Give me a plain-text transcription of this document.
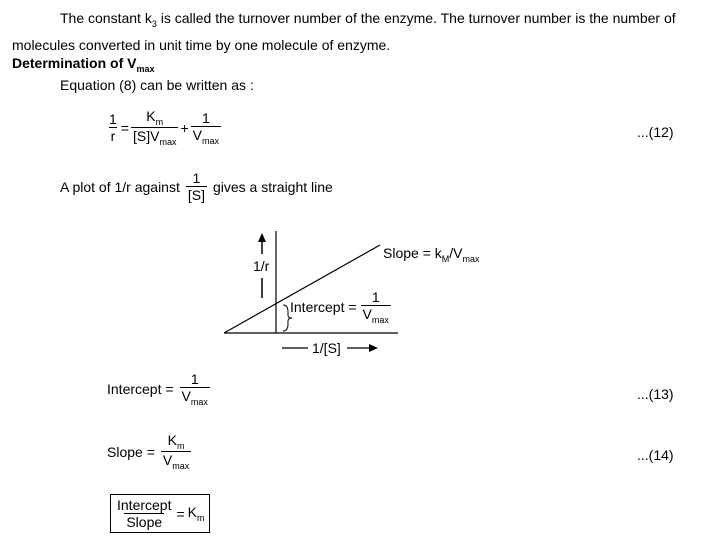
The constant $k_3$ is called the turnover number of the enzyme. The turnover number is the number of molecules converted in unit time by one molecule of enzyme.
Determination of $V_{max}$
Equation (8) can be written as :
$\frac{1}{r} = \frac{K_m}{[S]V_{max}} + \frac{1}{V_{max}}$	...(12)
A plot of 1/r against $\frac{1}{[S]}$ gives a straight line
1/r
1/[S]
Slope = $k_M/V_{max}$
Intercept = $\frac{1}{V_{max}}$
Intercept = $\frac{1}{V_{max}}$	...(13)
Slope = $\frac{K_m}{V_{max}}$	...(14)
$\frac{\text{Intercept}}{\text{Slope}} = K_m$
